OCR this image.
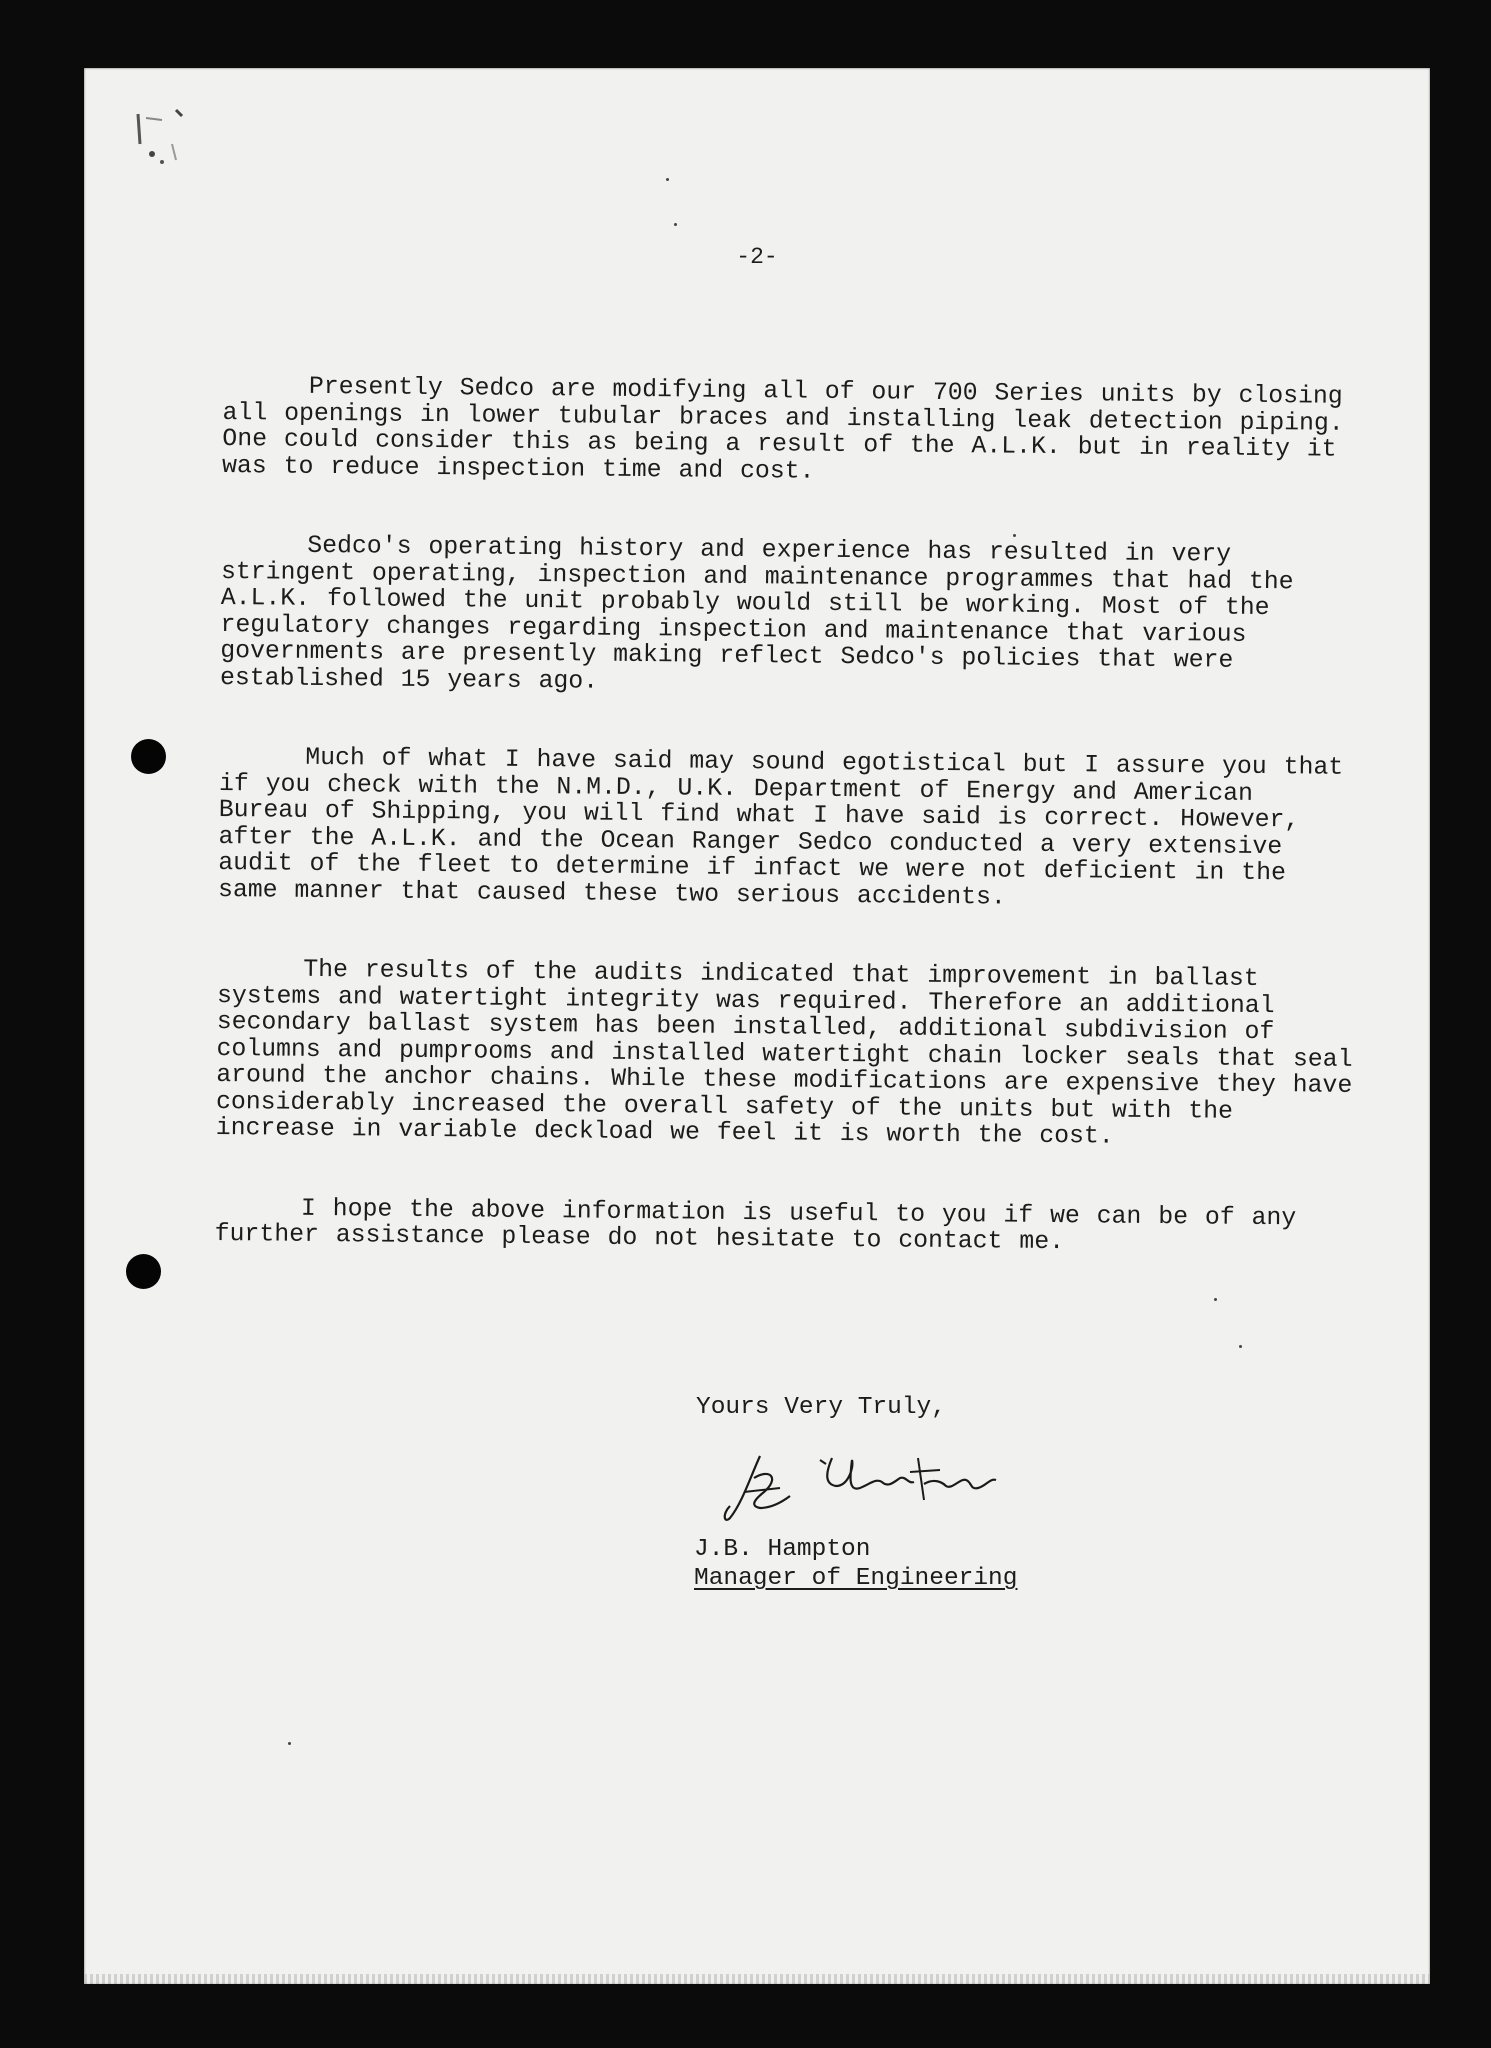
-2-

Presently Sedco are modifying all of our 700 Series units by closing all openings in lower tubular braces and installing leak detection piping. One could consider this as being a result of the A.L.K. but in reality it was to reduce inspection time and cost.

Sedco's operating history and experience has resulted in very stringent operating, inspection and maintenance programmes that had the A.L.K. followed the unit probably would still be working. Most of the regulatory changes regarding inspection and maintenance that various governments are presently making reflect Sedco's policies that were established 15 years ago.

Much of what I have said may sound egotistical but I assure you that if you check with the N.M.D., U.K. Department of Energy and American Bureau of Shipping, you will find what I have said is correct. However, after the A.L.K. and the Ocean Ranger Sedco conducted a very extensive audit of the fleet to determine if infact we were not deficient in the same manner that caused these two serious accidents.

The results of the audits indicated that improvement in ballast systems and watertight integrity was required. Therefore an additional secondary ballast system has been installed, additional subdivision of columns and pumprooms and installed watertight chain locker seals that seal around the anchor chains. While these modifications are expensive they have considerably increased the overall safety of the units but with the increase in variable deckload we feel it is worth the cost.

I hope the above information is useful to you if we can be of any further assistance please do not hesitate to contact me.

Yours Very Truly,
J.B. Hampton
Manager of Engineering
